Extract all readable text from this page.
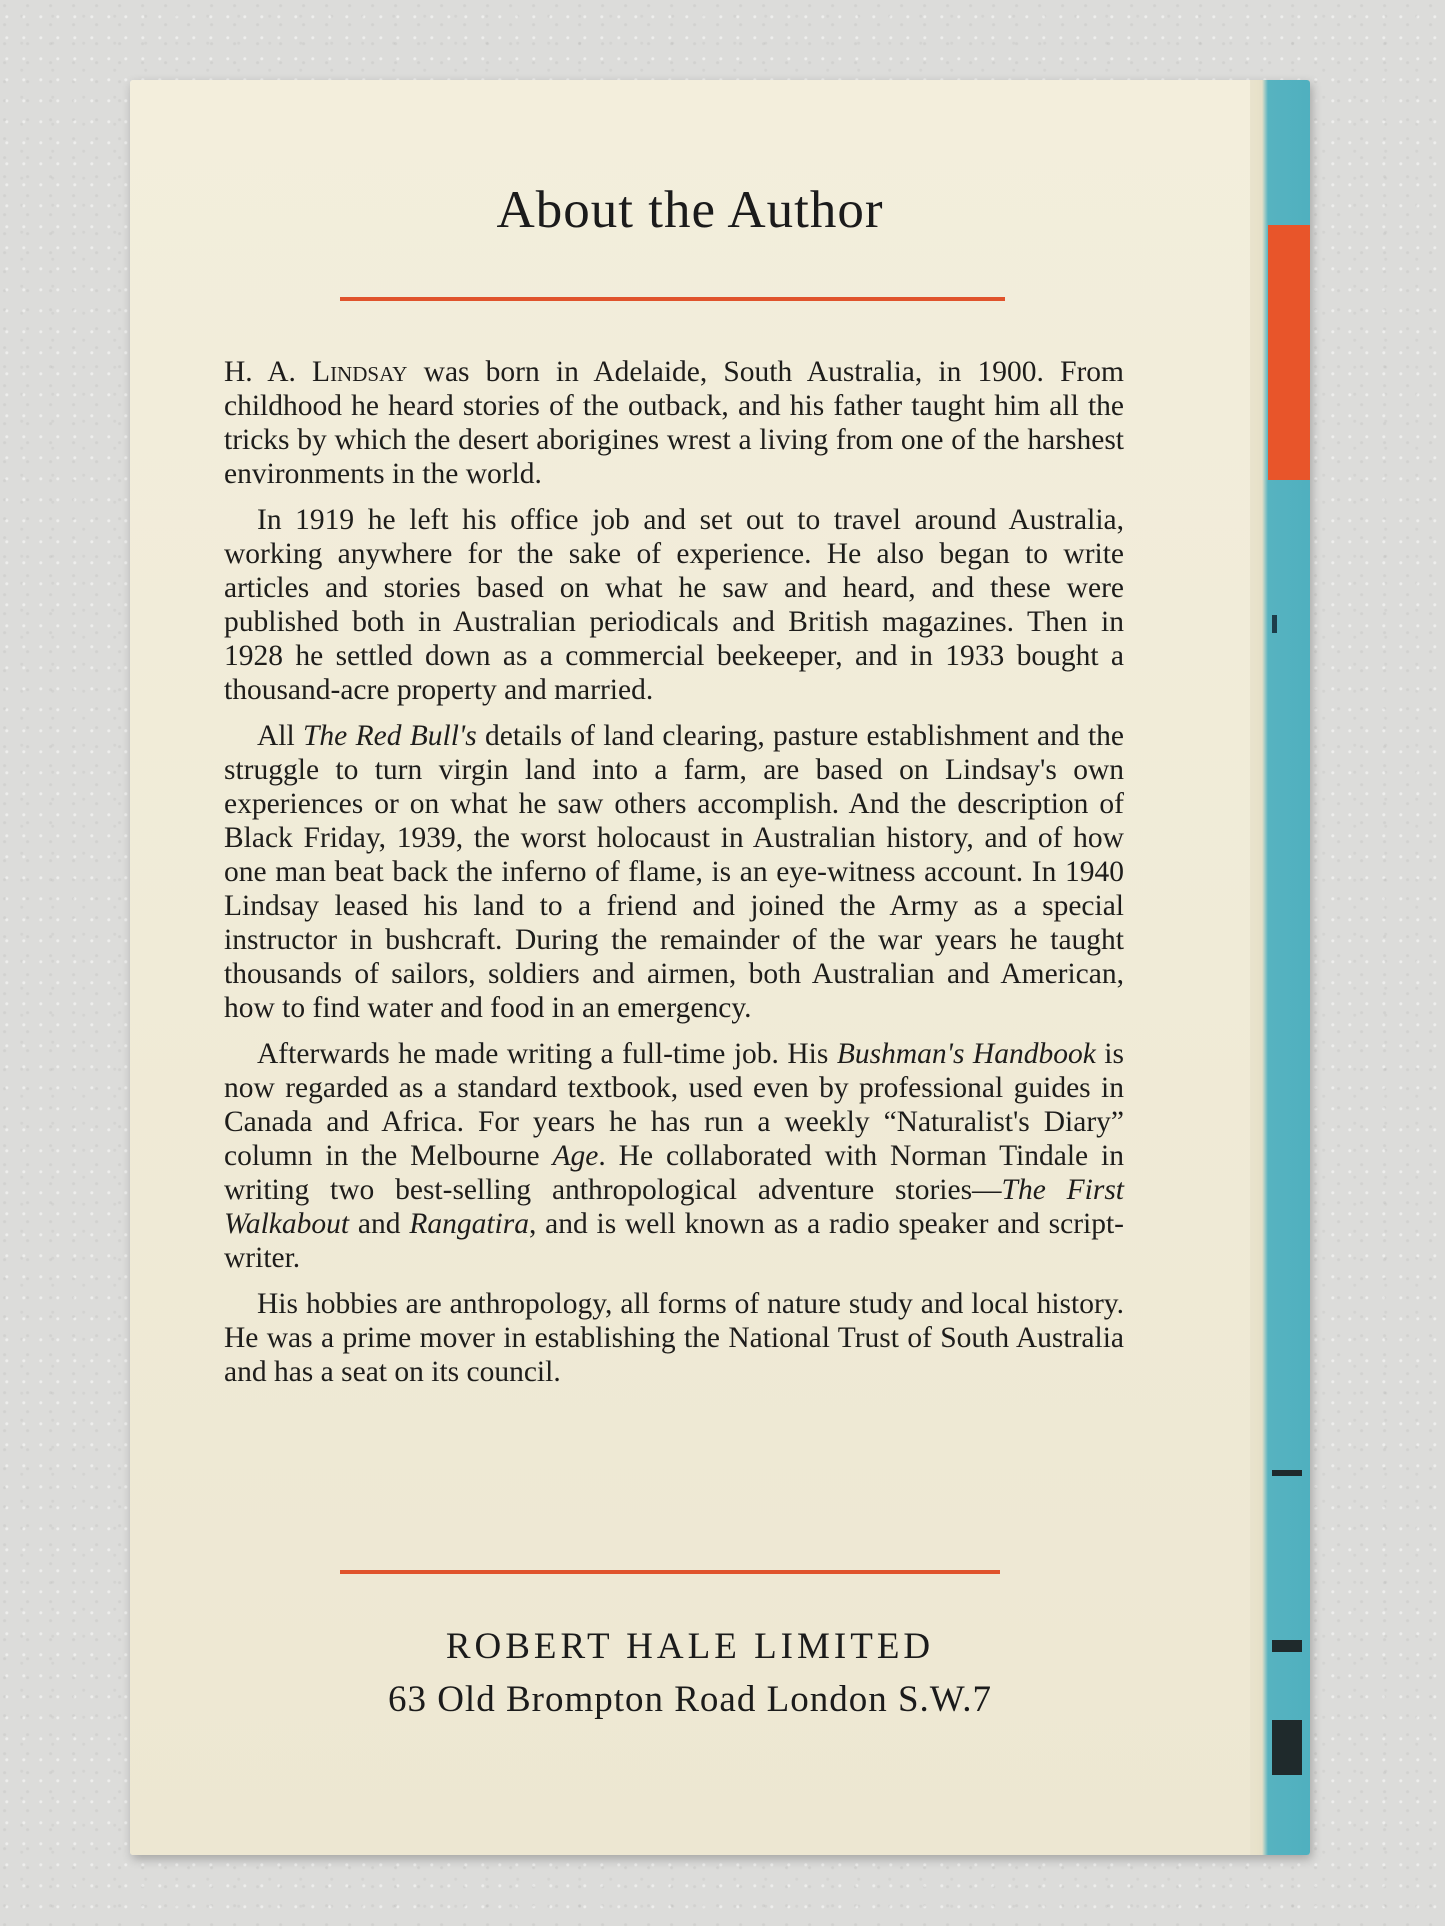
About the Author

H. A. Lindsay was born in Adelaide, South Australia, in 1900. From childhood he heard stories of the outback, and his father taught him all the tricks by which the desert aborigines wrest a living from one of the harshest environments in the world.

In 1919 he left his office job and set out to travel around Australia, working anywhere for the sake of experience. He also began to write articles and stories based on what he saw and heard, and these were published both in Australian periodicals and British magazines. Then in 1928 he settled down as a commercial beekeeper, and in 1933 bought a thousand-acre property and married.

All The Red Bull's details of land clearing, pasture establishment and the struggle to turn virgin land into a farm, are based on Lindsay's own experiences or on what he saw others accomplish. And the description of Black Friday, 1939, the worst holocaust in Australian history, and of how one man beat back the inferno of flame, is an eye-witness account. In 1940 Lindsay leased his land to a friend and joined the Army as a special instructor in bushcraft. During the remainder of the war years he taught thousands of sailors, soldiers and airmen, both Australian and American, how to find water and food in an emergency.

Afterwards he made writing a full-time job. His Bushman's Handbook is now regarded as a standard textbook, used even by professional guides in Canada and Africa. For years he has run a weekly “Naturalist's Diary” column in the Melbourne Age. He collaborated with Norman Tindale in writing two best-selling anthropological adventure stories—The First Walkabout and Rangatira, and is well known as a radio speaker and script-writer.

His hobbies are anthropology, all forms of nature study and local history. He was a prime mover in establishing the National Trust of South Australia and has a seat on its council.

ROBERT HALE LIMITED
63 Old Brompton Road London S.W.7
